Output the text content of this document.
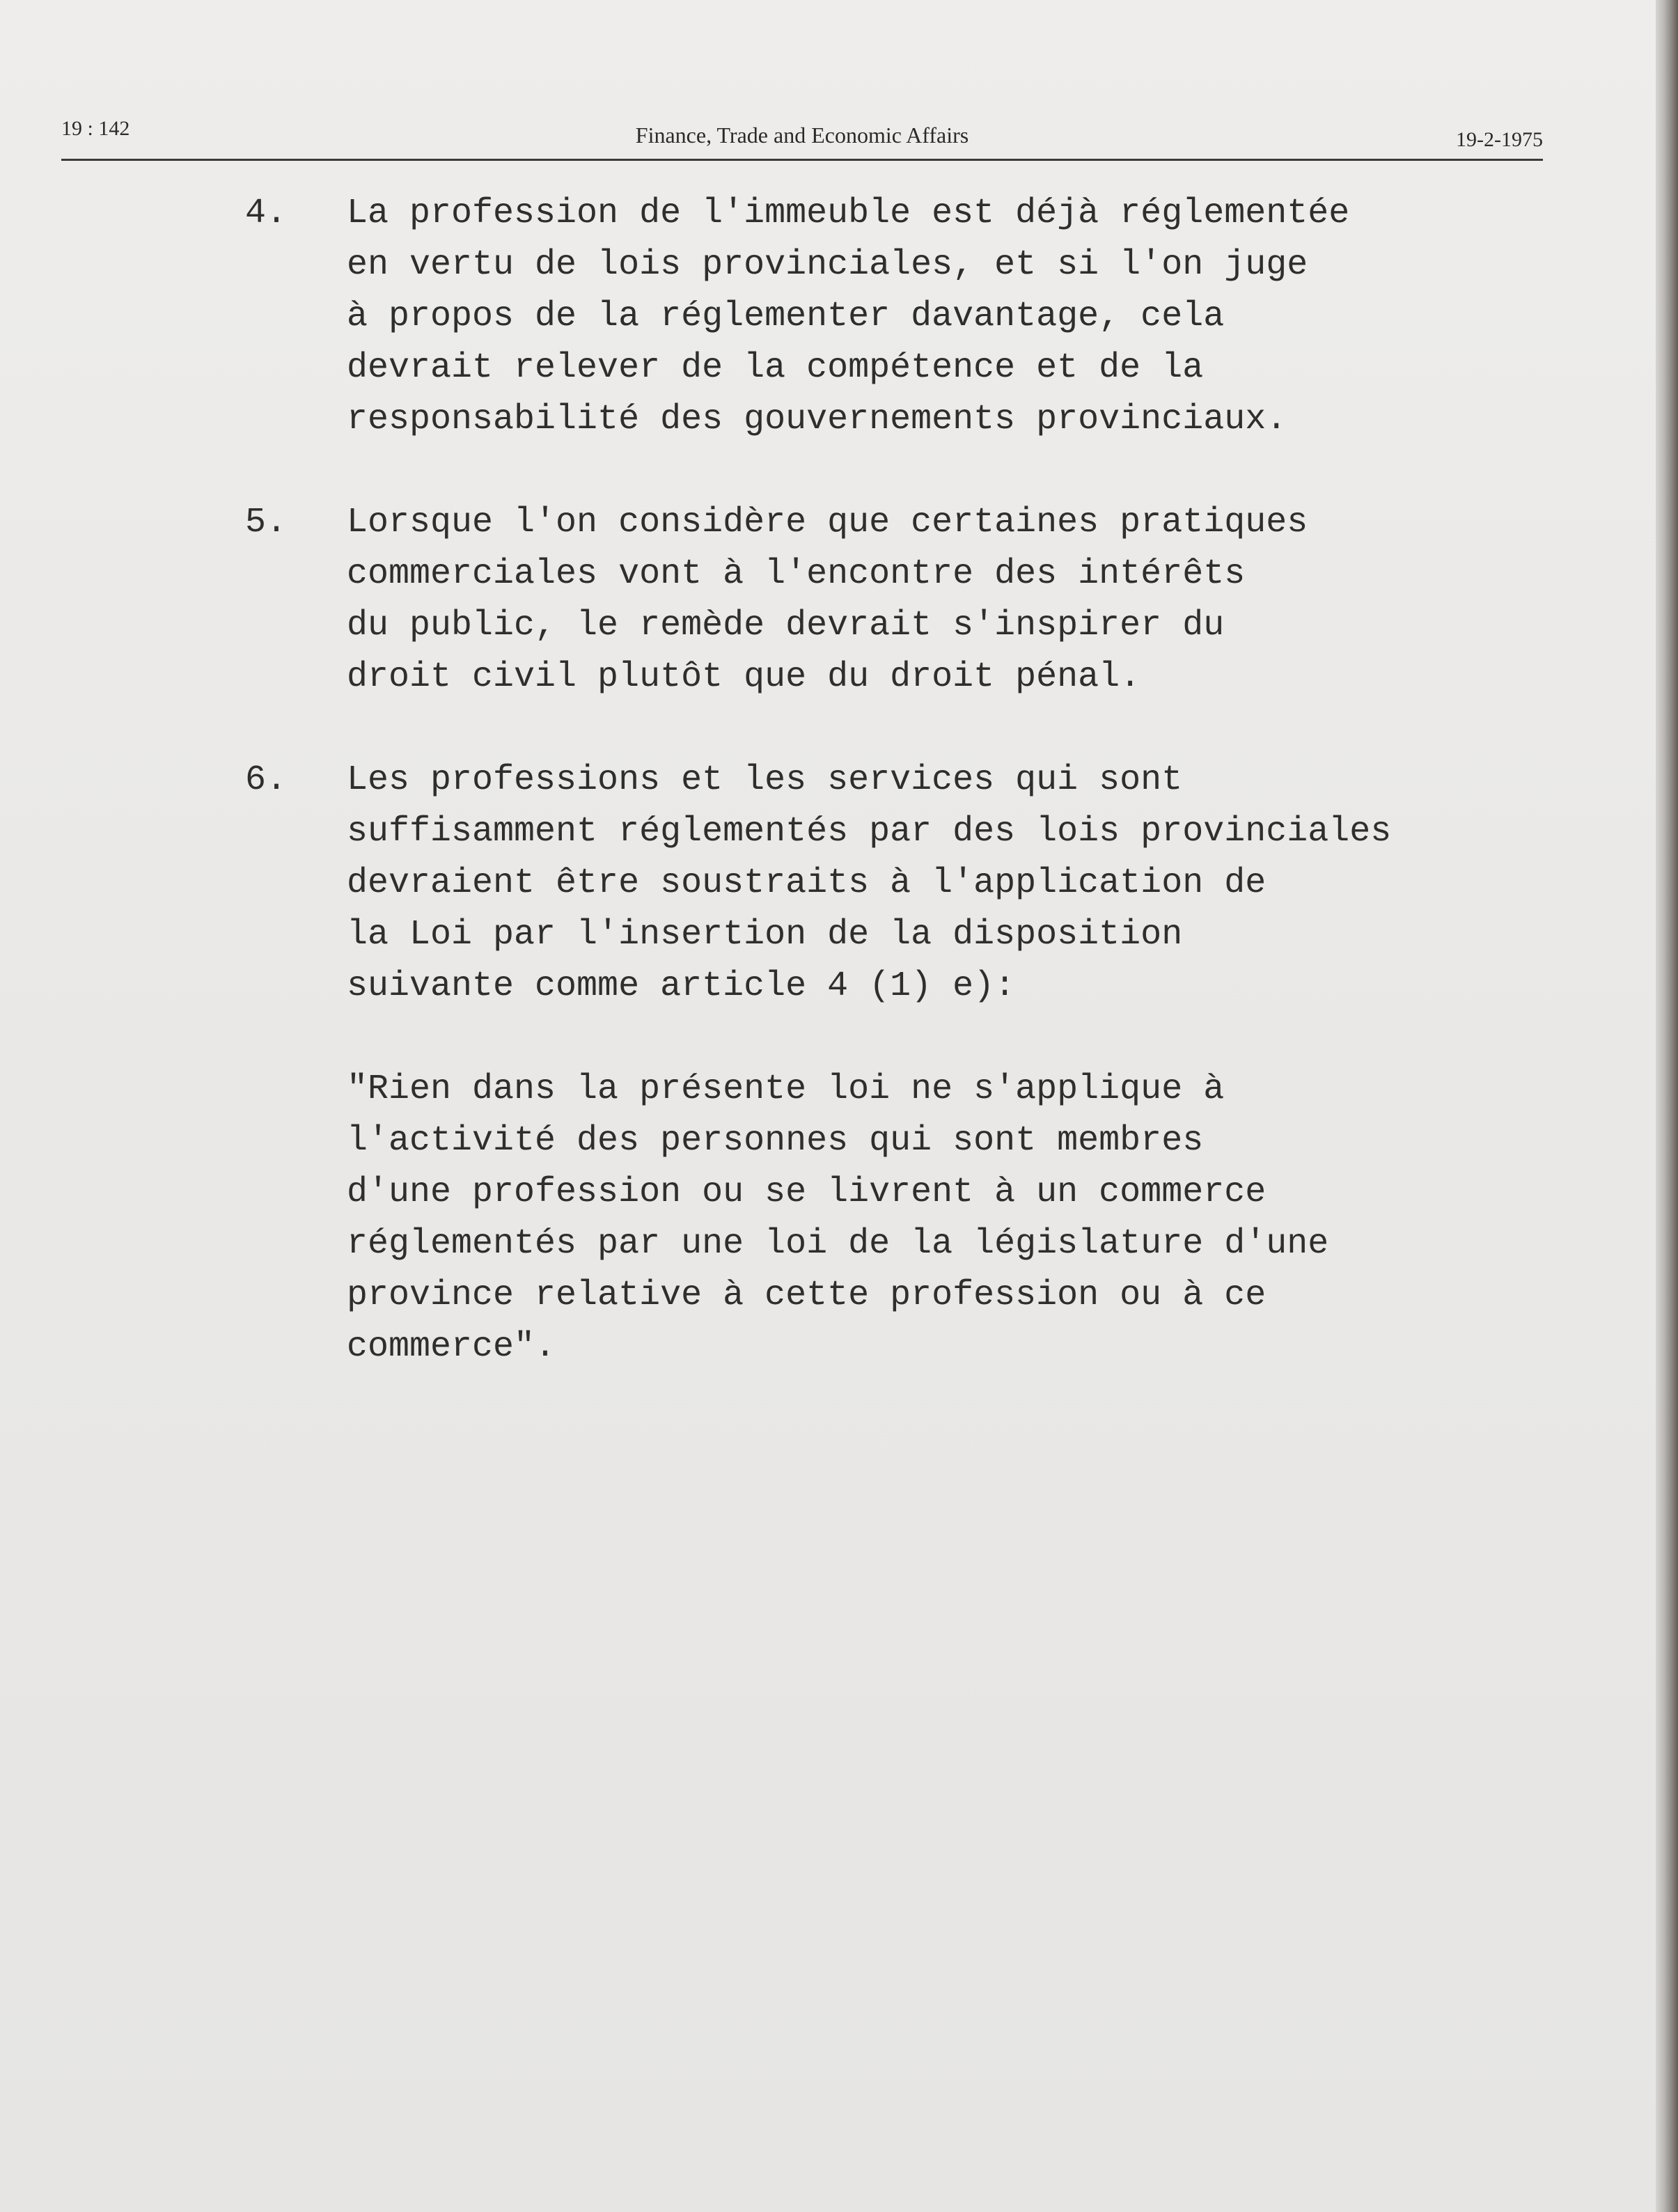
19 : 142	Finance, Trade and Economic Affairs	19-2-1975
4.	La profession de l'immeuble est déjà réglementée
en vertu de lois provinciales, et si l'on juge
à propos de la réglementer davantage, cela
devrait relever de la compétence et de la
responsabilité des gouvernements provinciaux.
5.	Lorsque l'on considère que certaines pratiques
commerciales vont à l'encontre des intérêts
du public, le remède devrait s'inspirer du
droit civil plutôt que du droit pénal.
6.	Les professions et les services qui sont
suffisamment réglementés par des lois provinciales
devraient être soustraits à l'application de
la Loi par l'insertion de la disposition
suivante comme article 4 (1) e):
"Rien dans la présente loi ne s'applique à
l'activité des personnes qui sont membres
d'une profession ou se livrent à un commerce
réglementés par une loi de la législature d'une
province relative à cette profession ou à ce
commerce".
